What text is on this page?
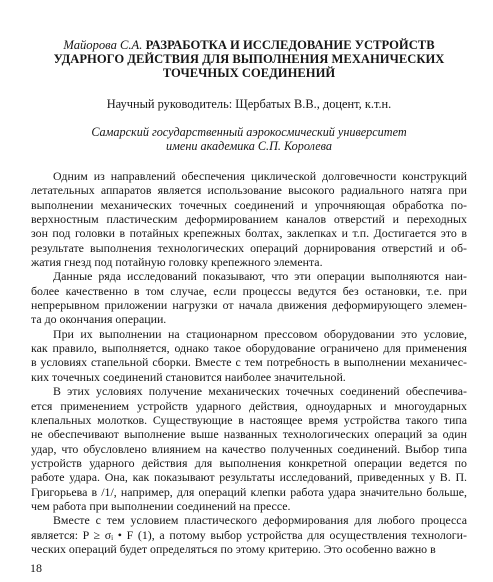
Майорова С.А. РАЗРАБОТКА И ИССЛЕДОВАНИЕ УСТРОЙСТВ
УДАРНОГО ДЕЙСТВИЯ ДЛЯ ВЫПОЛНЕНИЯ МЕХАНИЧЕСКИХ
ТОЧЕЧНЫХ СОЕДИНЕНИЙ
Научный руководитель: Щербатых В.В., доцент, к.т.н.
Самарский государственный аэрокосмический университет
имени академика С.П. Королева

Одним из направлений обеспечения циклической долговечности конструкций
летательных аппаратов является использование высокого радиального натяга при
выполнении механических точечных соединений и упрочняющая обработка по-
верхностным пластическим деформированием каналов отверстий и переходных
зон под головки в потайных крепежных болтах, заклепках и т.п. Достигается это в
результате выполнения технологических операций дорнирования отверстий и об-
жатия гнезд под потайную головку крепежного элемента.

Данные ряда исследований показывают, что эти операции выполняются наи-
более качественно в том случае, если процессы ведутся без остановки, т.е. при
непрерывном приложении нагрузки от начала движения деформирующего элемен-
та до окончания операции.

При их выполнении на стационарном прессовом оборудовании это условие,
как правило, выполняется, однако такое оборудование ограничено для применения
в условиях стапельной сборки. Вместе с тем потребность в выполнении механичес-
ких точечных соединений становится наиболее значительной.

В этих условиях получение механических точечных соединений обеспечива-
ется применением устройств ударного действия, одноударных и многоударных
клепальных молотков. Существующие в настоящее время устройства такого типа
не обеспечивают выполнение выше названных технологических операций за один
удар, что обусловлено влиянием на качество полученных соединений. Выбор типа
устройств ударного действия для выполнения конкретной операции ведется по
работе удара. Она, как показывают результаты исследований, приведенных у В. П.
Григорьева в /1/, например, для операций клепки работа удара значительно больше,
чем работа при выполнении соединений на прессе.

Вместе с тем условием пластического деформирования для любого процесса
является: P ≥ σᵢ • F (1), а потому выбор устройства для осуществления технологи-
ческих операций будет определяться по этому критерию. Это особенно важно в

18
